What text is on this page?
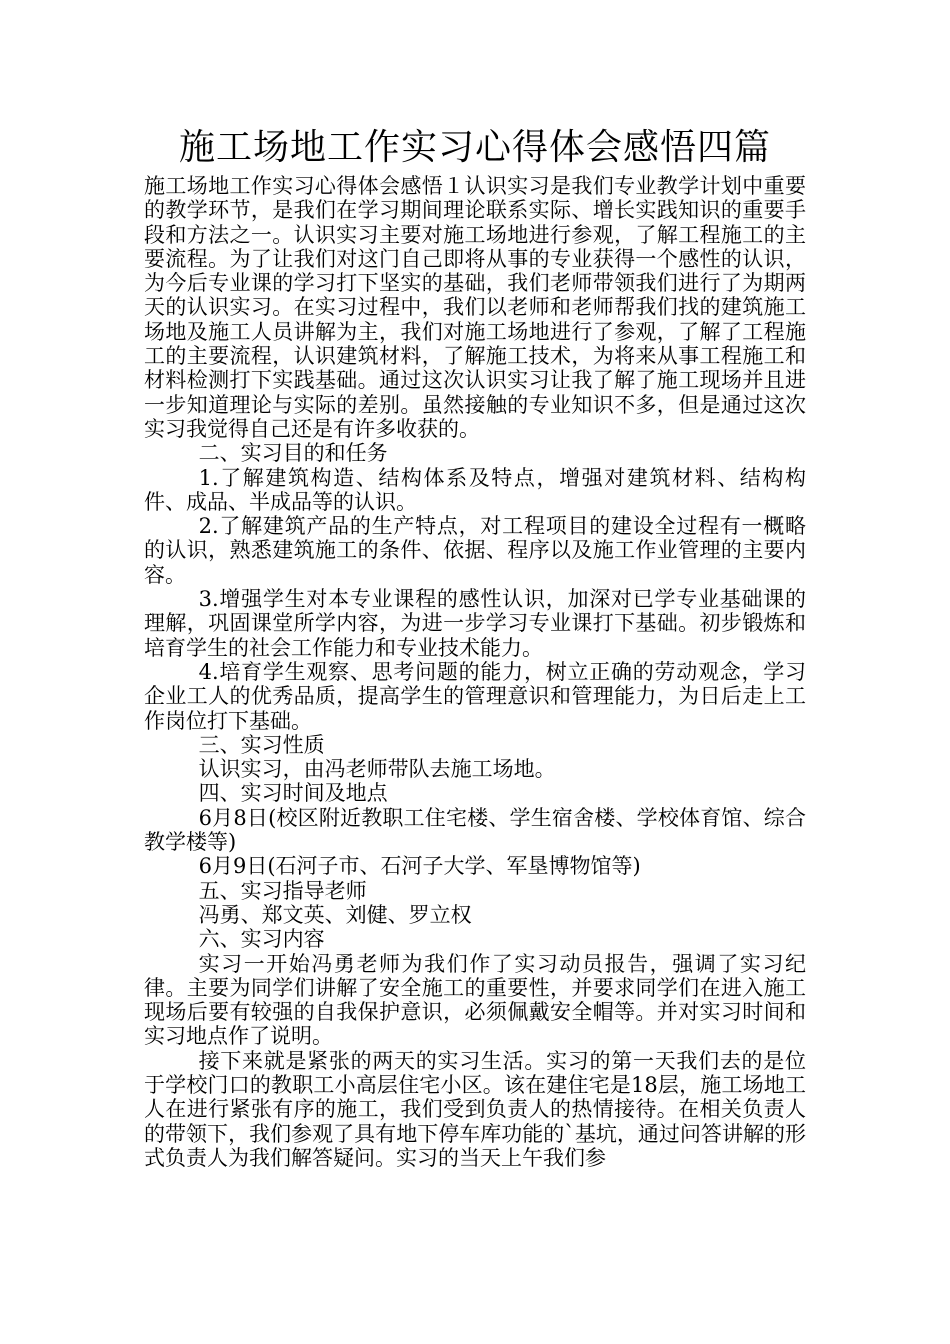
施工场地工作实习心得体会感悟四篇

施工场地工作实习心得体会感悟１认识实习是我们专业教学计划中重要的教学环节，是我们在学习期间理论联系实际、增长实践知识的重要手段和方法之一。认识实习主要对施工场地进行参观，了解工程施工的主要流程。为了让我们对这门自己即将从事的专业获得一个感性的认识，为今后专业课的学习打下坚实的基础，我们老师带领我们进行了为期两天的认识实习。在实习过程中，我们以老师和老师帮我们找的建筑施工场地及施工人员讲解为主，我们对施工场地进行了参观，了解了工程施工的主要流程，认识建筑材料，了解施工技术，为将来从事工程施工和材料检测打下实践基础。通过这次认识实习让我了解了施工现场并且进一步知道理论与实际的差别。虽然接触的专业知识不多，但是通过这次实习我觉得自己还是有许多收获的。

二、实习目的和任务

1.了解建筑构造、结构体系及特点，增强对建筑材料、结构构件、成品、半成品等的认识。

2.了解建筑产品的生产特点，对工程项目的建设全过程有一概略的认识，熟悉建筑施工的条件、依据、程序以及施工作业管理的主要内容。

3.增强学生对本专业课程的感性认识，加深对已学专业基础课的理解，巩固课堂所学内容，为进一步学习专业课打下基础。初步锻炼和培育学生的社会工作能力和专业技术能力。

4.培育学生观察、思考问题的能力，树立正确的劳动观念，学习企业工人的优秀品质，提高学生的管理意识和管理能力，为日后走上工作岗位打下基础。

三、实习性质

认识实习，由冯老师带队去施工场地。

四、实习时间及地点

6月8日(校区附近教职工住宅楼、学生宿舍楼、学校体育馆、综合教学楼等)

6月9日(石河子市、石河子大学、军垦博物馆等)

五、实习指导老师

冯勇、郑文英、刘健、罗立权

六、实习内容

实习一开始冯勇老师为我们作了实习动员报告，强调了实习纪律。主要为同学们讲解了安全施工的重要性，并要求同学们在进入施工现场后要有较强的自我保护意识，必须佩戴安全帽等。并对实习时间和实习地点作了说明。

接下来就是紧张的两天的实习生活。实习的第一天我们去的是位于学校门口的教职工小高层住宅小区。该在建住宅是18层，施工场地工人在进行紧张有序的施工，我们受到负责人的热情接待。在相关负责人的带领下，我们参观了具有地下停车库功能的`基坑，通过问答讲解的形式负责人为我们解答疑问。实习的当天上午我们参
